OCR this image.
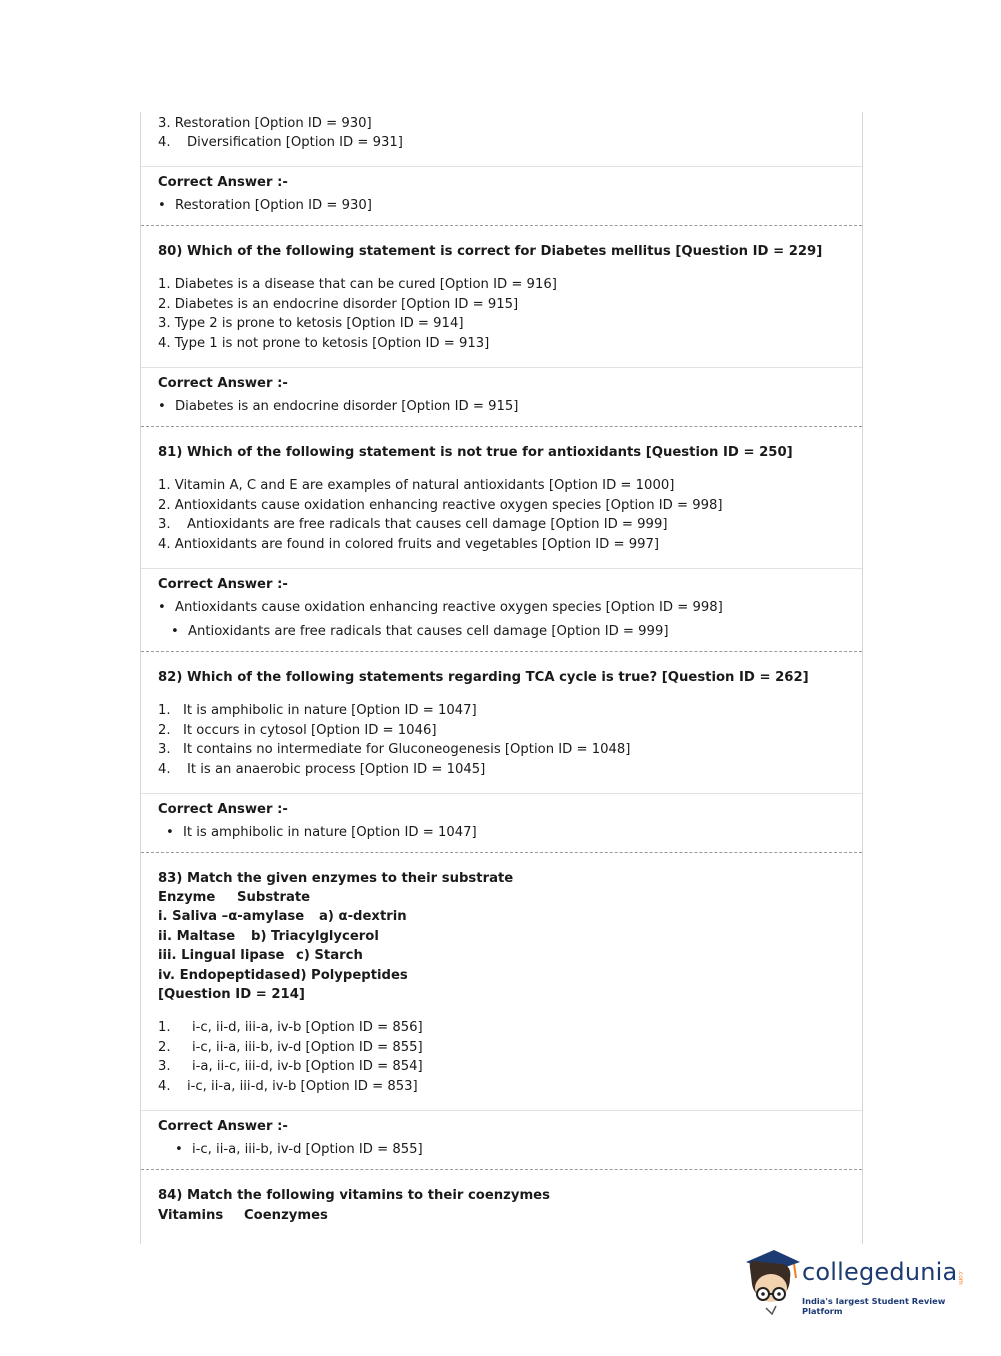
3. Restoration [Option ID = 930]
4. Diversification [Option ID = 931]
Correct Answer :-
• Restoration [Option ID = 930]
80) Which of the following statement is correct for Diabetes mellitus [Question ID = 229]
1. Diabetes is a disease that can be cured [Option ID = 916]
2. Diabetes is an endocrine disorder [Option ID = 915]
3. Type 2 is prone to ketosis [Option ID = 914]
4. Type 1 is not prone to ketosis [Option ID = 913]
Correct Answer :-
• Diabetes is an endocrine disorder [Option ID = 915]
81) Which of the following statement is not true for antioxidants [Question ID = 250]
1. Vitamin A, C and E are examples of natural antioxidants [Option ID = 1000]
2. Antioxidants cause oxidation enhancing reactive oxygen species [Option ID = 998]
3. Antioxidants are free radicals that causes cell damage [Option ID = 999]
4. Antioxidants are found in colored fruits and vegetables [Option ID = 997]
Correct Answer :-
• Antioxidants cause oxidation enhancing reactive oxygen species [Option ID = 998]
• Antioxidants are free radicals that causes cell damage [Option ID = 999]
82) Which of the following statements regarding TCA cycle is true? [Question ID = 262]
1. It is amphibolic in nature [Option ID = 1047]
2. It occurs in cytosol [Option ID = 1046]
3. It contains no intermediate for Gluconeogenesis [Option ID = 1048]
4. It is an anaerobic process [Option ID = 1045]
Correct Answer :-
• It is amphibolic in nature [Option ID = 1047]
83) Match the given enzymes to their substrate
Enzyme Substrate
i. Saliva –α-amylase a) α-dextrin
ii. Maltase b) Triacylglycerol
iii. Lingual lipase c) Starch
iv. Endopeptidase d) Polypeptides
[Question ID = 214]
1. i-c, ii-d, iii-a, iv-b [Option ID = 856]
2. i-c, ii-a, iii-b, iv-d [Option ID = 855]
3. i-a, ii-c, iii-d, iv-b [Option ID = 854]
4. i-c, ii-a, iii-d, iv-b [Option ID = 853]
Correct Answer :-
• i-c, ii-a, iii-b, iv-d [Option ID = 855]
84) Match the following vitamins to their coenzymes
Vitamins Coenzymes
collegedunia .com
India's largest Student Review Platform
